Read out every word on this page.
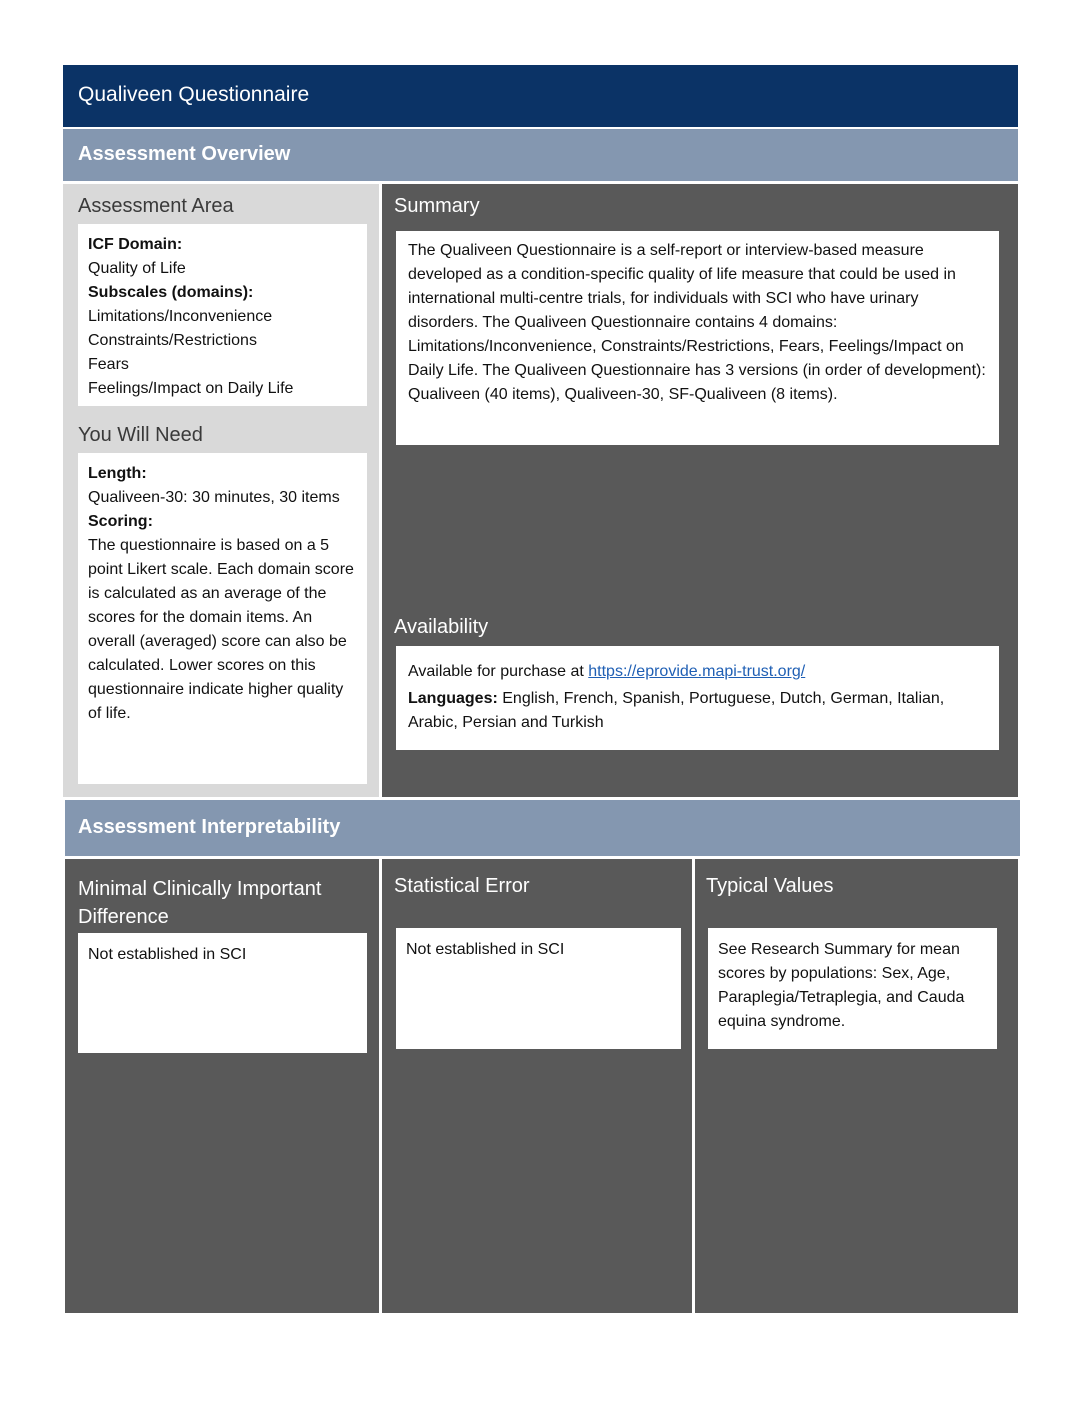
Qualiveen Questionnaire
Assessment Overview
Assessment Area
ICF Domain:
Quality of Life
Subscales (domains):
Limitations/Inconvenience
Constraints/Restrictions
Fears
Feelings/Impact on Daily Life
You Will Need
Length:
Qualiveen-30: 30 minutes, 30 items
Scoring:
The questionnaire is based on a 5 point Likert scale. Each domain score is calculated as an average of the scores for the domain items. An overall (averaged) score can also be calculated. Lower scores on this questionnaire indicate higher quality of life.
Summary
The Qualiveen Questionnaire is a self-report or interview-based measure developed as a condition-specific quality of life measure that could be used in international multi-centre trials, for individuals with SCI who have urinary disorders. The Qualiveen Questionnaire contains 4 domains: Limitations/Inconvenience, Constraints/Restrictions, Fears, Feelings/Impact on Daily Life. The Qualiveen Questionnaire has 3 versions (in order of development): Qualiveen (40 items), Qualiveen-30, SF-Qualiveen (8 items).
Availability
Available for purchase at https://eprovide.mapi-trust.org/
Languages: English, French, Spanish, Portuguese, Dutch, German, Italian, Arabic, Persian and Turkish
Assessment Interpretability
Minimal Clinically Important
Difference
Not established in SCI
Statistical Error
Not established in SCI
Typical Values
See Research Summary for mean scores by populations: Sex, Age, Paraplegia/Tetraplegia, and Cauda equina syndrome.
